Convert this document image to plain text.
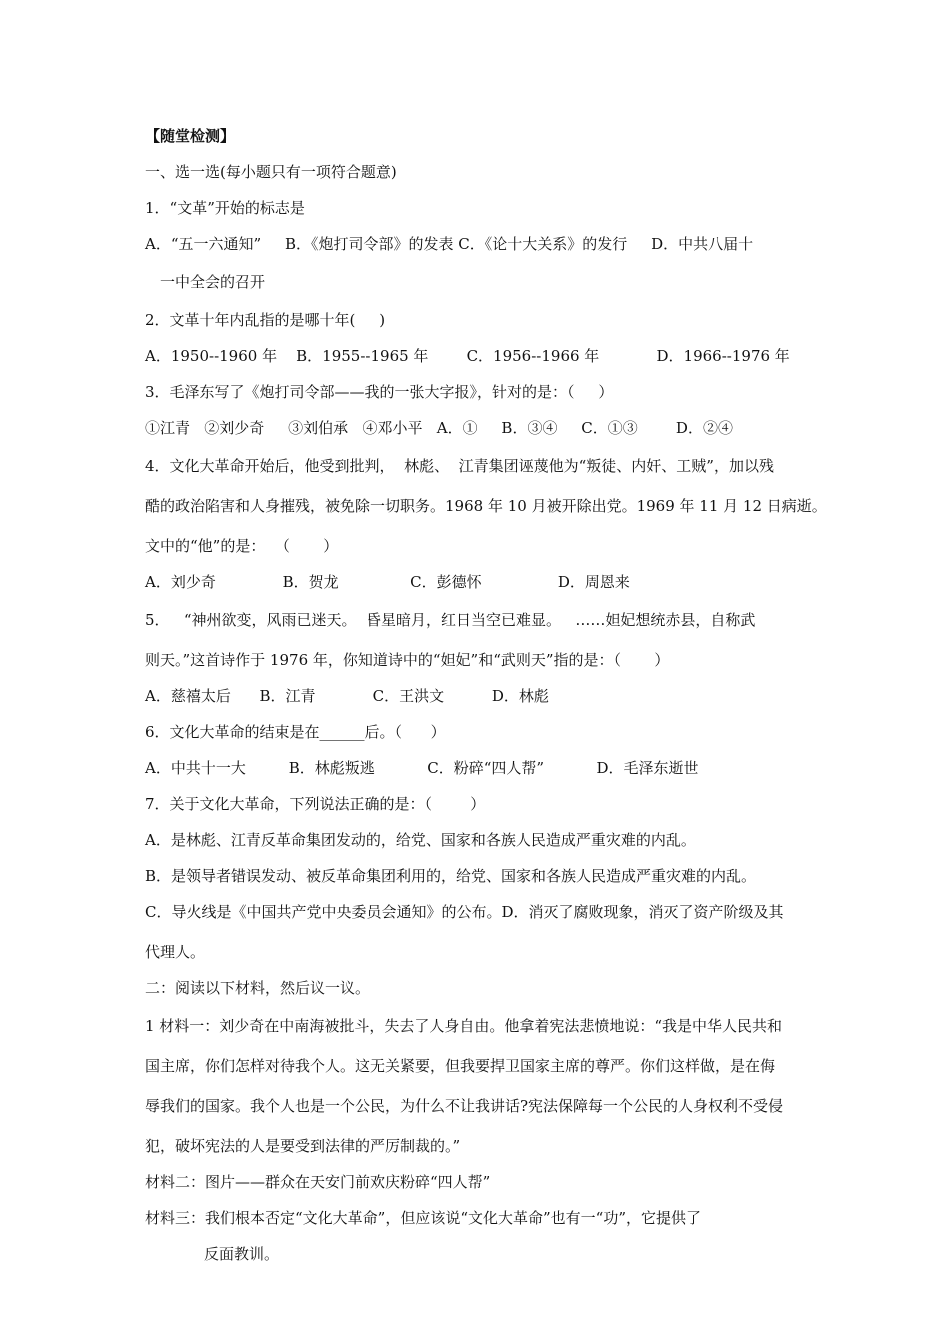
【随堂检测】
一、选一选(每小题只有一项符合题意)
1．“文革”开始的标志是
A．“五一六通知”     B．《炮打司令部》的发表 C．《论十大关系》的发行     D．中共八届十
一中全会的召开
2．文革十年内乱指的是哪十年(     )
A．1950--1960 年    B．1955--1965 年        C．1956--1966 年            D．1966--1976 年
3．毛泽东写了《炮打司令部——我的一张大字报》，针对的是：（     ）
①江青   ②刘少奇     ③刘伯承   ④邓小平   A．①     B．③④     C．①③        D．②④
4．文化大革命开始后，他受到批判，  林彪、  江青集团诬蔑他为“叛徒、内奸、工贼”，加以残
酷的政治陷害和人身摧残，被免除一切职务。1968 年 10 月被开除出党。1969 年 11 月 12 日病逝。
文中的“他”的是：  （       ）
A．刘少奇              B．贺龙               C．彭德怀                D．周恩来
5．   “神州欲变，风雨已迷天。  昏星暗月，红日当空已难显。   ……妲妃想统赤县，自称武
则天。”这首诗作于 1976 年，你知道诗中的“妲妃”和“武则天”指的是：（       ）
A．慈禧太后      B．江青            C．王洪文          D．林彪
6．文化大革命的结束是在______后。（      ）
A．中共十一大         B．林彪叛逃           C．粉碎“四人帮”           D．毛泽东逝世
7．关于文化大革命，下列说法正确的是：（        ）
A．是林彪、江青反革命集团发动的，给党、国家和各族人民造成严重灾难的内乱。
B．是领导者错误发动、被反革命集团利用的，给党、国家和各族人民造成严重灾难的内乱。
C．导火线是《中国共产党中央委员会通知》的公布。D．消灭了腐败现象，消灭了资产阶级及其
代理人。
二：阅读以下材料，然后议一议。
1 材料一：刘少奇在中南海被批斗，失去了人身自由。他拿着宪法悲愤地说：“我是中华人民共和
国主席，你们怎样对待我个人。这无关紧要，但我要捍卫国家主席的尊严。你们这样做，是在侮
辱我们的国家。我个人也是一个公民，为什么不让我讲话?宪法保障每一个公民的人身权利不受侵
犯，破坏宪法的人是要受到法律的严厉制裁的。”
材料二：图片——群众在天安门前欢庆粉碎“四人帮”
材料三：我们根本否定“文化大革命”，但应该说“文化大革命”也有一“功”，它提供了
反面教训。
